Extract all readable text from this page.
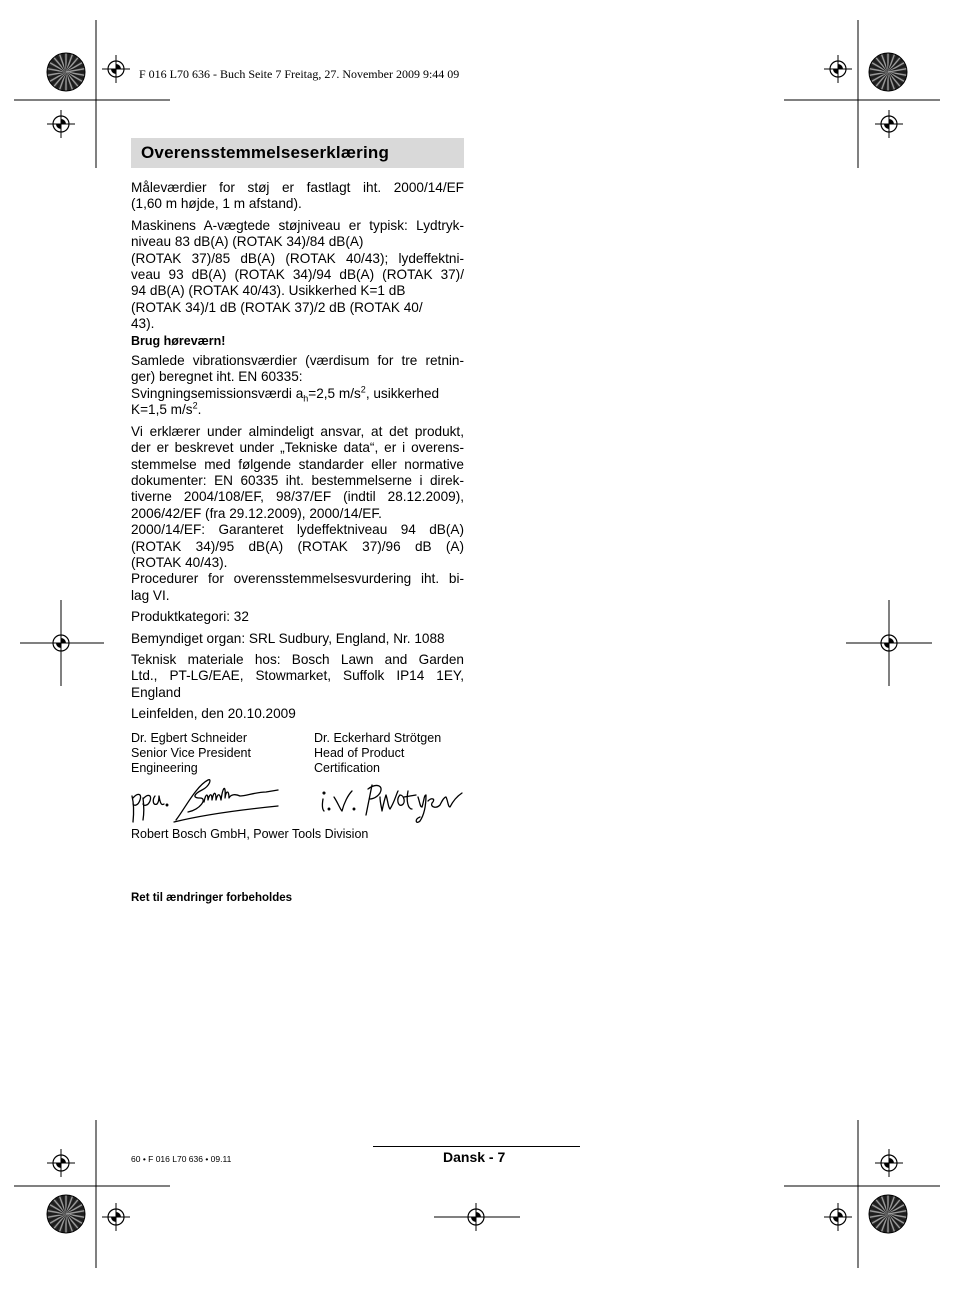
F 016 L70 636 - Buch Seite 7 Freitag, 27. November 2009 9:44 09
Overensstemmelseserklæring

Måleværdier for støj er fastlagt iht. 2000/14/EF
(1,60 m højde, 1 m afstand).

Maskinens A-vægtede støjniveau er typisk: Lydtryk-
niveau 83 dB(A) (ROTAK 34)/84 dB(A)
(ROTAK 37)/85 dB(A) (ROTAK 40/43); lydeffektni-
veau 93 dB(A) (ROTAK 34)/94 dB(A) (ROTAK 37)/
94 dB(A) (ROTAK 40/43). Usikkerhed K=1 dB
(ROTAK 34)/1 dB (ROTAK 37)/2 dB (ROTAK 40/
43).

Brug høreværn!

Samlede vibrationsværdier (værdisum for tre retnin-
ger) beregnet iht. EN 60335:
Svingningsemissionsværdi $a_h=2,5$ $m/s^2$, usikkerhed
K=1,5 $m/s^2$.

Vi erklærer under almindeligt ansvar, at det produkt,
der er beskrevet under „Tekniske data“, er i overens-
stemmelse med følgende standarder eller normative
dokumenter: EN 60335 iht. bestemmelserne i direk-
tiverne 2004/108/EF, 98/37/EF (indtil 28.12.2009),
2006/42/EF (fra 29.12.2009), 2000/14/EF.
2000/14/EF: Garanteret lydeffektniveau 94 dB(A)
(ROTAK 34)/95 dB(A) (ROTAK 37)/96 dB (A)
(ROTAK 40/43).
Procedurer for overensstemmelsesvurdering iht. bi-
lag VI.

Produktkategori: 32

Bemyndiget organ: SRL Sudbury, England, Nr. 1088

Teknisk materiale hos: Bosch Lawn and Garden
Ltd., PT-LG/EAE, Stowmarket, Suffolk IP14 1EY,
England

Leinfelden, den 20.10.2009

Dr. Egbert Schneider
Senior Vice President
Engineering
Dr. Eckerhard Strötgen
Head of Product
Certification
Robert Bosch GmbH, Power Tools Division
Ret til ændringer forbeholdes
60 • F 016 L70 636 • 09.11	Dansk - 7
